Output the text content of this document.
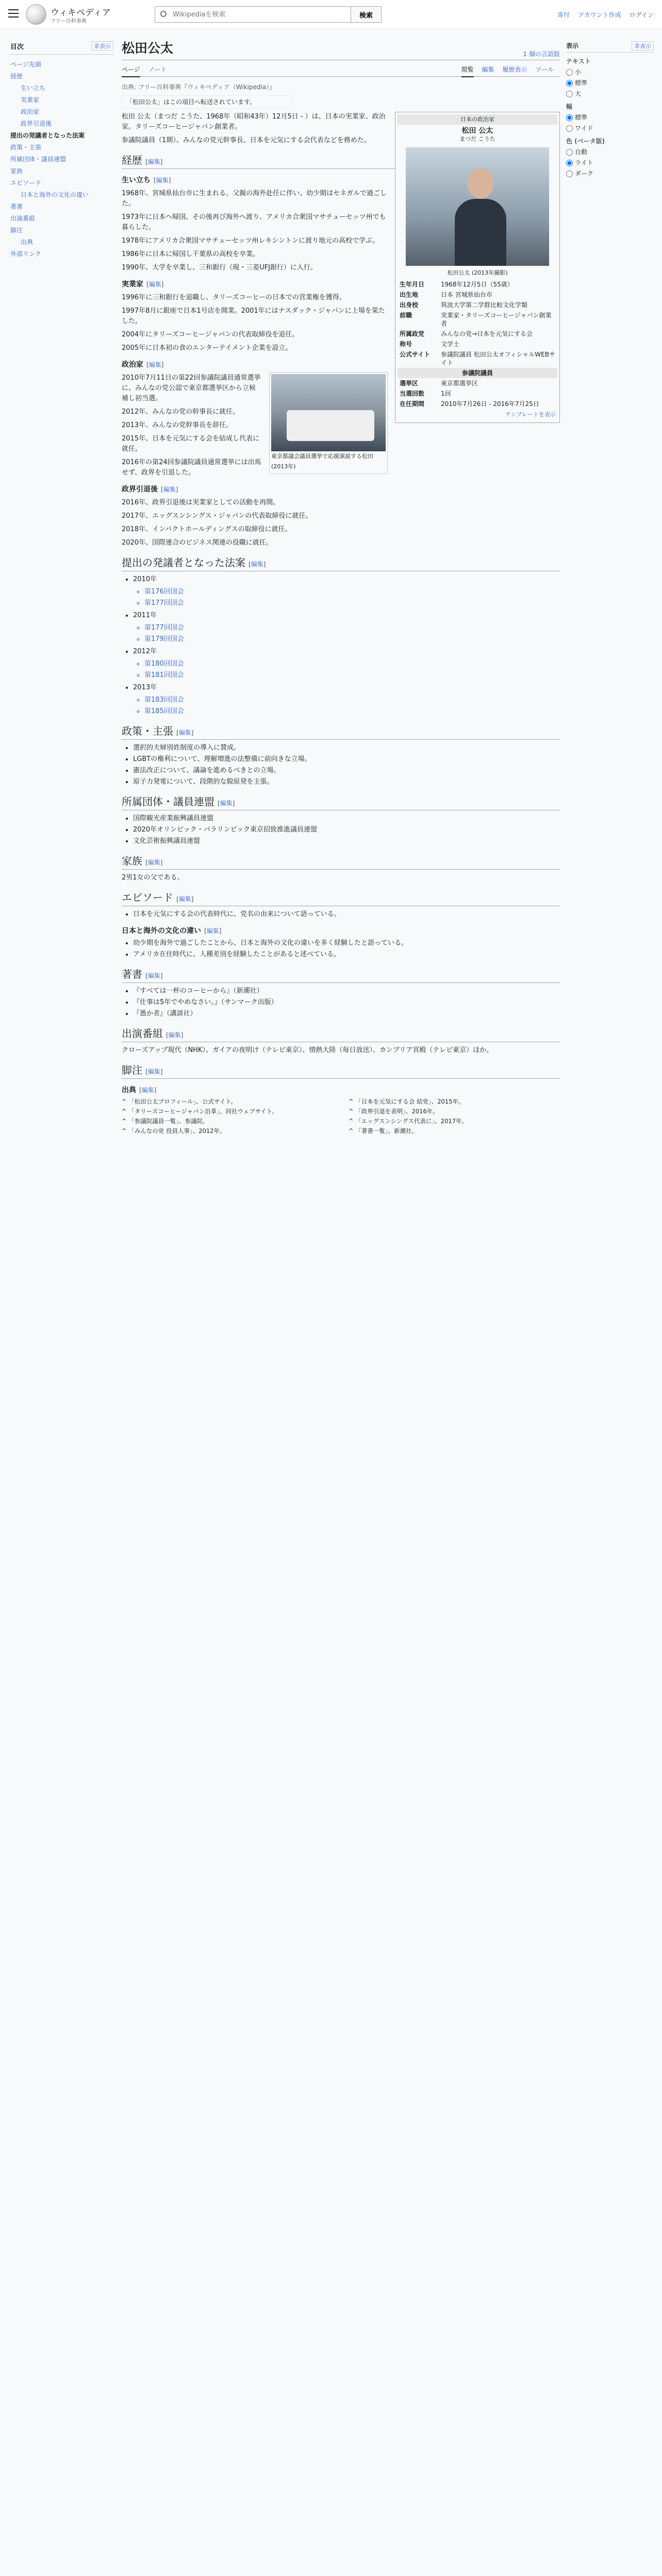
ウィキペディア
フリー百科事典
Wikipediaを検索
検索	寄付 アカウント作成 ログイン
目次	非表示
ページ先頭
経歴
生い立ち
実業家
政治家
政界引退後
提出の発議者となった法案
政策・主張
所属団体・議員連盟
家族
エピソード
日本と海外の文化の違い
著書
出演番組
脚注
出典
外部リンク
松田公太	1 個の言語版
ページ ノート	閲覧 編集 履歴表示 ツール
出典: フリー百科事典『ウィキペディア（Wikipedia）』
「松田公太」はこの項目へ転送されています。
日本の政治家
松田 公太
まつだ こうた
松田公太 (2013年撮影)
生年月日	1968年12月5日（55歳）
出生地	日本 宮城県仙台市
出身校	筑波大学第二学群比較文化学類
前職	実業家・タリーズコーヒージャパン創業者
所属政党	みんなの党→日本を元気にする会
称号	文学士
公式サイト	参議院議員 松田公太オフィシャルWEBサイト
参議院議員
選挙区	東京都選挙区
当選回数	1回
在任期間	2010年7月26日 - 2016年7月25日
テンプレートを表示

松田 公太（まつだ こうた、1968年（昭和43年）12月5日 - ）は、日本の実業家、政治家。タリーズコーヒージャパン創業者。

参議院議員（1期）、みんなの党元幹事長、日本を元気にする会代表などを務めた。

経歴 [編集]
生い立ち [編集]

1968年、宮城県仙台市に生まれる。父親の海外赴任に伴い、幼少期はセネガルで過ごした。

1973年に日本へ帰国、その後再び海外へ渡り、アメリカ合衆国マサチューセッツ州でも暮らした。

1978年にアメリカ合衆国マサチューセッツ州レキシントンに渡り地元の高校で学ぶ。

1986年に日本に帰国し千葉県の高校を卒業。

1990年、大学を卒業し、三和銀行（現・三菱UFJ銀行）に入行。

実業家 [編集]

1996年に三和銀行を退職し、タリーズコーヒーの日本での営業権を獲得。

1997年8月に銀座で日本1号店を開業。2001年にはナスダック・ジャパンに上場を果たした。

2004年にタリーズコーヒージャパンの代表取締役を退任。

2005年に日本初の食のエンターテイメント企業を設立。

政治家 [編集]
東京都議会議員選挙で応援演説する松田 (2013年)

2010年7月11日の第22回参議院議員通常選挙に、みんなの党公認で東京都選挙区から立候補し初当選。

2012年、みんなの党の幹事長に就任。

2013年、みんなの党幹事長を辞任。

2015年、日本を元気にする会を結成し代表に就任。

2016年の第24回参議院議員通常選挙には出馬せず、政界を引退した。

政界引退後 [編集]

2016年、政界引退後は実業家としての活動を再開。

2017年、エッグスンシングス・ジャパンの代表取締役に就任。

2018年、インパクトホールディングスの取締役に就任。

2020年、国際連合のビジネス関連の役職に就任。

提出の発議者となった法案 [編集]
• 2010年
◦ 第176回国会
◦ 第177回国会
• 2011年
◦ 第177回国会
◦ 第179回国会
• 2012年
◦ 第180回国会
◦ 第181回国会
• 2013年
◦ 第183回国会
◦ 第185回国会
政策・主張 [編集]
• 選択的夫婦別姓制度の導入に賛成。
• LGBTの権利について、理解増進の法整備に前向きな立場。
• 憲法改正について、議論を進めるべきとの立場。
• 原子力発電について、段階的な脱原発を主張。
所属団体・議員連盟 [編集]
• 国際観光産業振興議員連盟
• 2020年オリンピック・パラリンピック東京招致推進議員連盟
• 文化芸術振興議員連盟
家族 [編集]

2男1女の父である。

エピソード [編集]
• 日本を元気にする会の代表時代に、党名の由来について語っている。
日本と海外の文化の違い [編集]
• 幼少期を海外で過ごしたことから、日本と海外の文化の違いを多く経験したと語っている。
• アメリカ在住時代に、人種差別を経験したことがあると述べている。
著書 [編集]
• 『すべては一杯のコーヒーから』（新潮社）
• 『仕事は5年でやめなさい。』（サンマーク出版）
• 『愚か者』（講談社）
出演番組 [編集]

クローズアップ現代（NHK）、ガイアの夜明け（テレビ東京）、情熱大陸（毎日放送）、カンブリア宮殿（テレビ東京）ほか。

脚注 [編集]
出典 [編集]
^ 「松田公太プロフィール」、公式サイト。
^ 「タリーズコーヒージャパン沿革」、同社ウェブサイト。
^ 「参議院議員一覧」、参議院。
^ 「みんなの党 役員人事」、2012年。
^ 「日本を元気にする会 結党」、2015年。
^ 「政界引退を表明」、2016年。
^ 「エッグスンシングス代表に」、2017年。
^ 「著書一覧」、新潮社。
表示	非表示
テキスト
小
標準
大
幅
標準
ワイド
色 (ベータ版)
自動
ライト
ダーク
